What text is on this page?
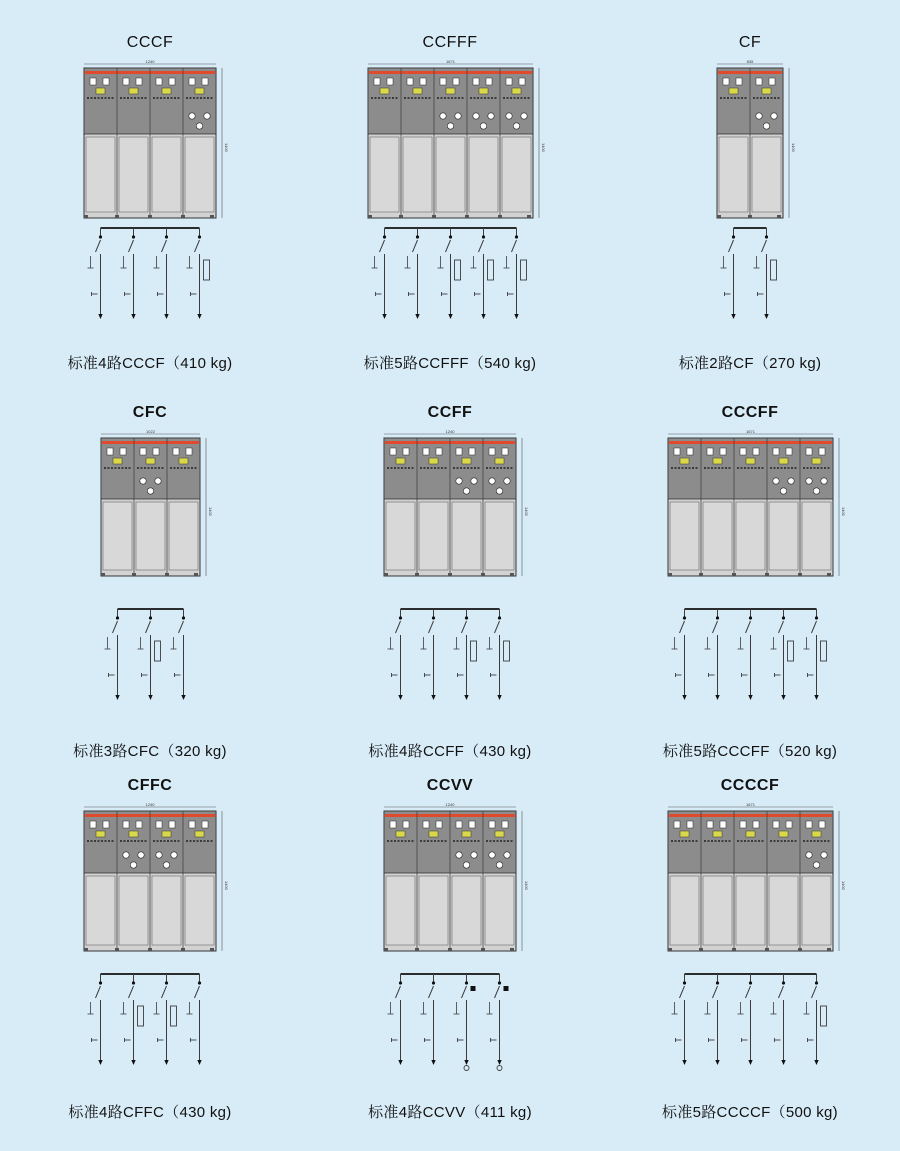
CCCF
1240
1400
标准4路CCCF（410 kg)
CCFFF
1671
1400
标准5路CCFFF（540 kg)
CF
835
1400
标准2路CF（270 kg)
CFC
1022
1400
标准3路CFC（320 kg)
CCFF
1240
1400
标准4路CCFF（430 kg)
CCCFF
1671
1400
标准5路CCCFF（520 kg)
CFFC
1240
1400
标准4路CFFC（430 kg)
CCVV
1240
1400
标准4路CCVV（411 kg)
CCCCF
1671
1400
标准5路CCCCF（500 kg)
